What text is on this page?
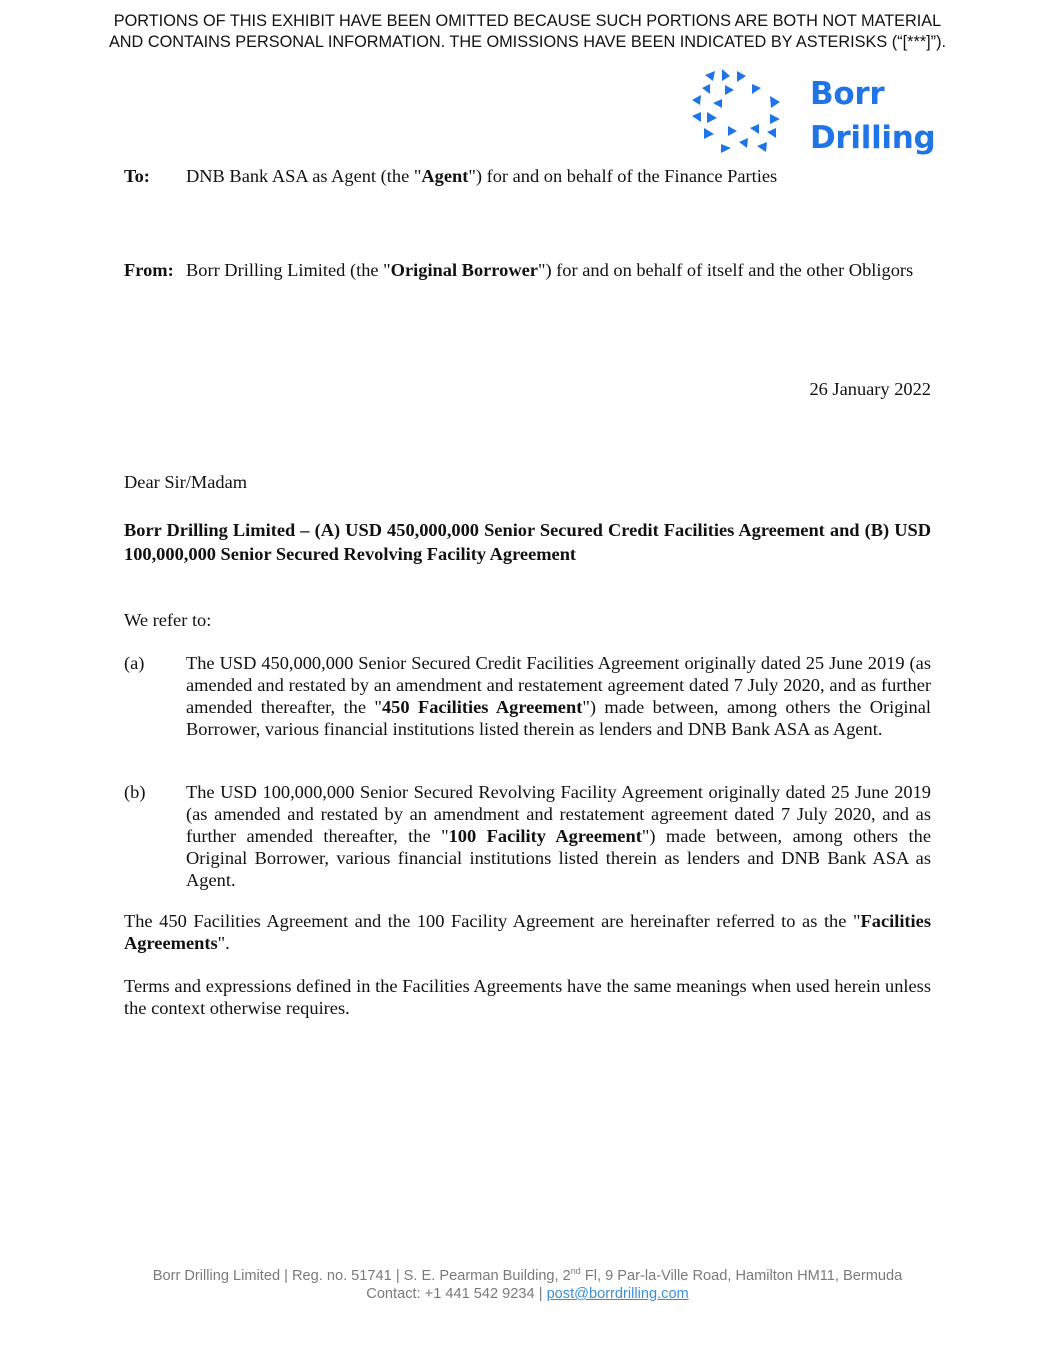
PORTIONS OF THIS EXHIBIT HAVE BEEN OMITTED BECAUSE SUCH PORTIONS ARE BOTH NOT MATERIAL
AND CONTAINS PERSONAL INFORMATION. THE OMISSIONS HAVE BEEN INDICATED BY ASTERISKS (“[***]”).
Borr
Drilling
To: DNB Bank ASA as Agent (the "Agent") for and on behalf of the Finance Parties
From: Borr Drilling Limited (the "Original Borrower") for and on behalf of itself and the other Obligors
26 January 2022
Dear Sir/Madam
Borr Drilling Limited – (A) USD 450,000,000 Senior Secured Credit Facilities Agreement and (B) USD 100,000,000 Senior Secured Revolving Facility Agreement
We refer to:
(a) The USD 450,000,000 Senior Secured Credit Facilities Agreement originally dated 25 June 2019 (as amended and restated by an amendment and restatement agreement dated 7 July 2020, and as further amended thereafter, the "450 Facilities Agreement") made between, among others the Original Borrower, various financial institutions listed therein as lenders and DNB Bank ASA as Agent.
(b) The USD 100,000,000 Senior Secured Revolving Facility Agreement originally dated 25 June 2019 (as amended and restated by an amendment and restatement agreement dated 7 July 2020, and as further amended thereafter, the "100 Facility Agreement") made between, among others the Original Borrower, various financial institutions listed therein as lenders and DNB Bank ASA as Agent.
The 450 Facilities Agreement and the 100 Facility Agreement are hereinafter referred to as the "Facilities Agreements".
Terms and expressions defined in the Facilities Agreements have the same meanings when used herein unless the context otherwise requires.
Borr Drilling Limited | Reg. no. 51741 | S. E. Pearman Building, 2nd Fl, 9 Par-la-Ville Road, Hamilton HM11, Bermuda
Contact: +1 441 542 9234 | post@borrdrilling.com
